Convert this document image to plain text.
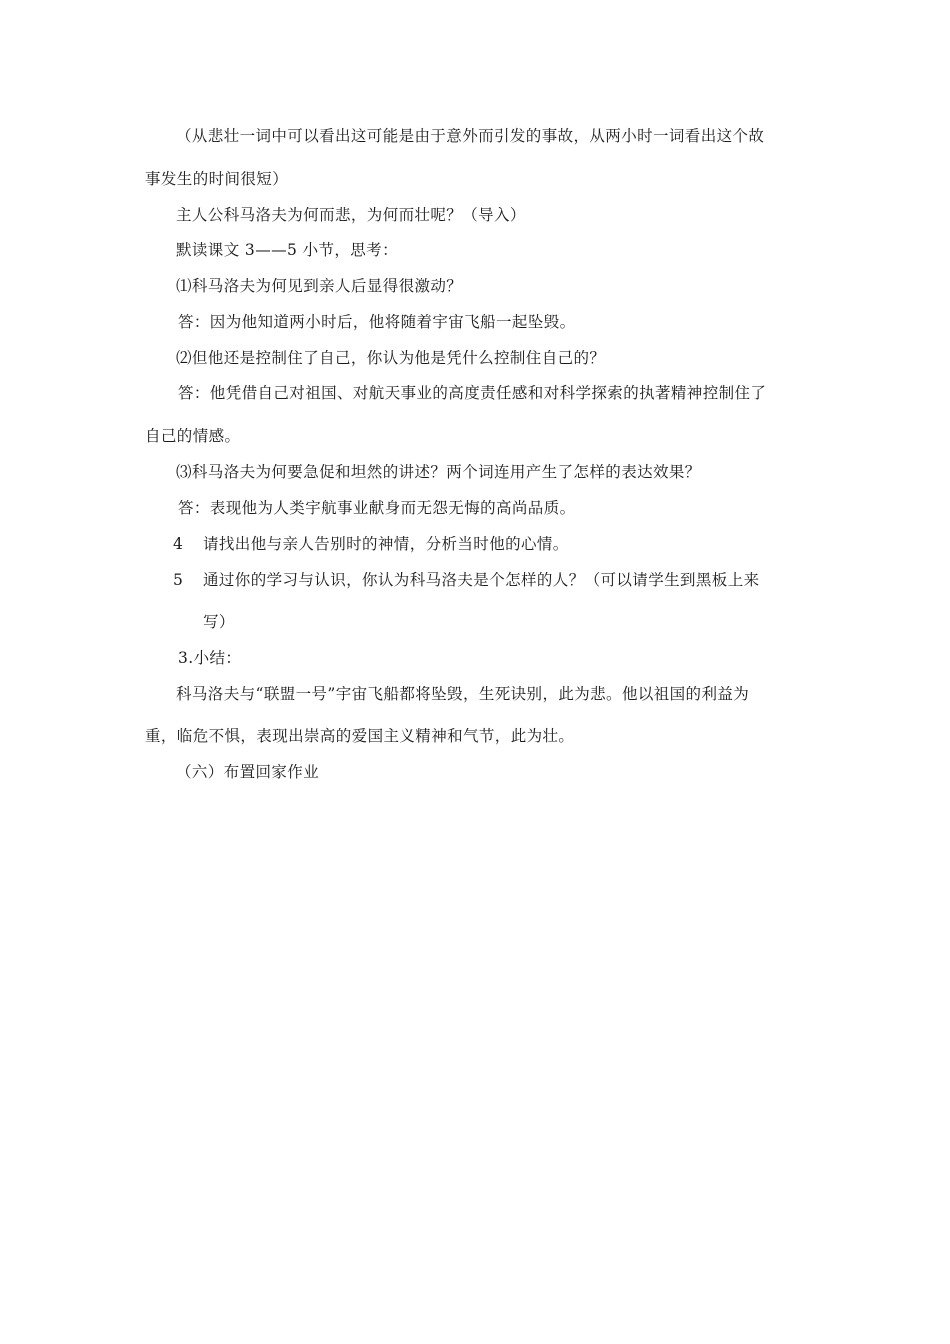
（从悲壮一词中可以看出这可能是由于意外而引发的事故，从两小时一词看出这个故
事发生的时间很短）
主人公科马洛夫为何而悲，为何而壮呢？（导入）
默读课文 3——5 小节，思考：
⑴科马洛夫为何见到亲人后显得很激动？
答：因为他知道两小时后，他将随着宇宙飞船一起坠毁。
⑵但他还是控制住了自己，你认为他是凭什么控制住自己的？
答：他凭借自己对祖国、对航天事业的高度责任感和对科学探索的执著精神控制住了
自己的情感。
⑶科马洛夫为何要急促和坦然的讲述？两个词连用产生了怎样的表达效果？
答：表现他为人类宇航事业献身而无怨无悔的高尚品质。
4 请找出他与亲人告别时的神情，分析当时他的心情。
5 通过你的学习与认识，你认为科马洛夫是个怎样的人？（可以请学生到黑板上来
写）
3.小结：
科马洛夫与“联盟一号”宇宙飞船都将坠毁，生死诀别，此为悲。他以祖国的利益为
重，临危不惧，表现出崇高的爱国主义精神和气节，此为壮。
（六）布置回家作业
